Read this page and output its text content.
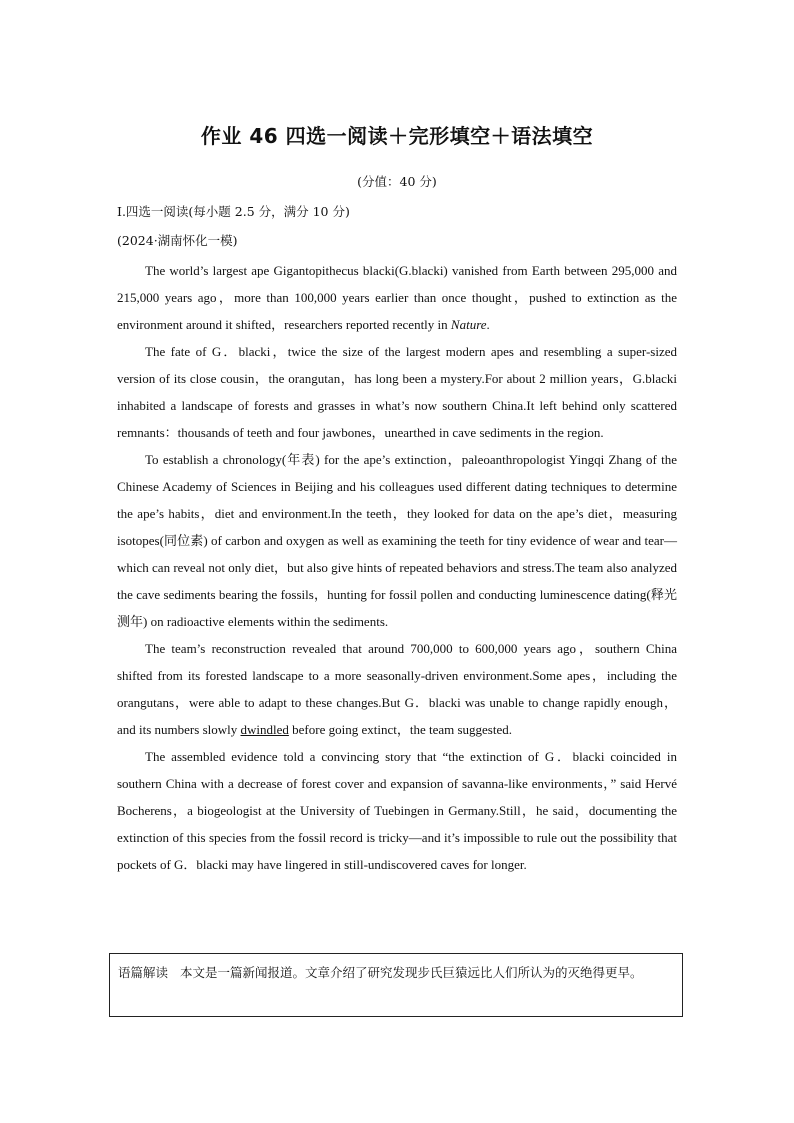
作业 46 四选一阅读＋完形填空＋语法填空
(分值：40 分)
Ⅰ.四选一阅读(每小题 2.5 分，满分 10 分)
(2024·湖南怀化一模)

The world’s largest ape Gigantopithecus blacki(G.blacki) vanished from Earth between 295,000 and 215,000 years ago，more than 100,000 years earlier than once thought，pushed to extinction as the environment around it shifted，researchers reported recently in Nature.

The fate of G．blacki，twice the size of the largest modern apes and resembling a super-sized version of its close cousin，the orangutan，has long been a mystery.For about 2 million years，G.blacki inhabited a landscape of forests and grasses in what’s now southern China.It left behind only scattered remnants：thousands of teeth and four jawbones，unearthed in cave sediments in the region.

To establish a chronology(年表) for the ape’s extinction，paleoanthropologist Yingqi Zhang of the Chinese Academy of Sciences in Beijing and his colleagues used different dating techniques to determine the ape’s habits，diet and environment.In the teeth，they looked for data on the ape’s diet，measuring isotopes(同位素) of carbon and oxygen as well as examining the teeth for tiny evidence of wear and tear—which can reveal not only diet，but also give hints of repeated behaviors and stress.The team also analyzed the cave sediments bearing the fossils，hunting for fossil pollen and conducting luminescence dating(释光测年) on radioactive elements within the sediments.

The team’s reconstruction revealed that around 700,000 to 600,000 years ago，southern China shifted from its forested landscape to a more seasonally-driven environment.Some apes，including the orangutans，were able to adapt to these changes.But G．blacki was unable to change rapidly enough，and its numbers slowly dwindled before going extinct，the team suggested.

The assembled evidence told a convincing story that “the extinction of G．blacki coincided in southern China with a decrease of forest cover and expansion of savanna-like environments，” said Hervé Bocherens，a biogeologist at the University of Tuebingen in Germany.Still，he said，documenting the extinction of this species from the fossil record is tricky—and it’s impossible to rule out the possibility that pockets of G．blacki may have lingered in still-undiscovered caves for longer.

语篇解读 本文是一篇新闻报道。文章介绍了研究发现步氏巨猿远比人们所认为的灭绝得更早。
